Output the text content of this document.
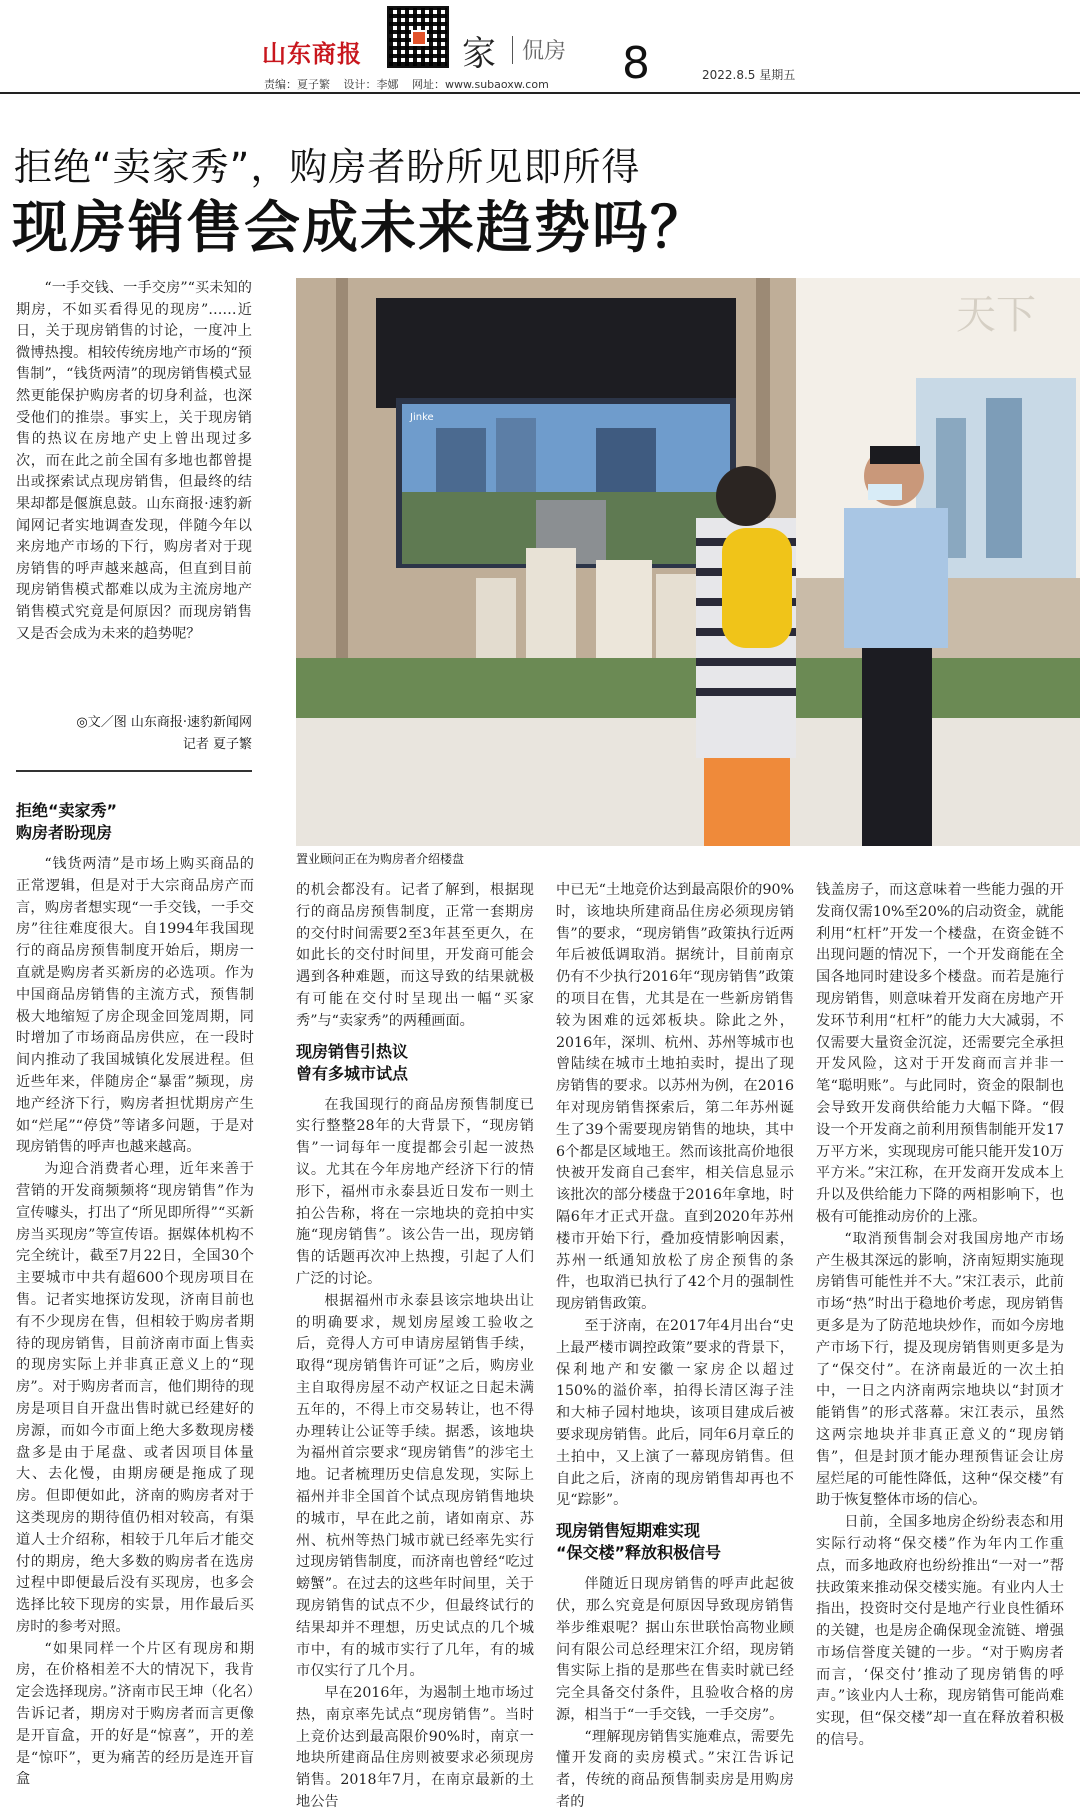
山东商报	家 侃房 8	2022.8.5 星期五
责编：夏子繁 设计：李娜 网址：www.subaoxw.com
拒绝“卖家秀”，购房者盼所见即所得
现房销售会成未来趋势吗？

“一手交钱、一手交房”“买未知的期房，不如买看得见的现房”……近日，关于现房销售的讨论，一度冲上微博热搜。相较传统房地产市场的“预售制”，“钱货两清”的现房销售模式显然更能保护购房者的切身利益，也深受他们的推崇。事实上，关于现房销售的热议在房地产史上曾出现过多次，而在此之前全国有多地也都曾提出或探索试点现房销售，但最终的结果却都是偃旗息鼓。山东商报·速豹新闻网记者实地调查发现，伴随今年以来房地产市场的下行，购房者对于现房销售的呼声越来越高，但直到目前现房销售模式都难以成为主流房地产销售模式究竟是何原因？而现房销售又是否会成为未来的趋势呢？

◎文／图 山东商报·速豹新闻网
记者 夏子繁
天下
Jinke
置业顾问正在为购房者介绍楼盘
拒绝“卖家秀”
购房者盼现房

“钱货两清”是市场上购买商品的正常逻辑，但是对于大宗商品房产而言，购房者想实现“一手交钱，一手交房”往往难度很大。自1994年我国现行的商品房预售制度开始后，期房一直就是购房者买新房的必选项。作为中国商品房销售的主流方式，预售制极大地缩短了房企现金回笼周期，同时增加了市场商品房供应，在一段时间内推动了我国城镇化发展进程。但近些年来，伴随房企“暴雷”频现，房地产经济下行，购房者担忧期房产生如“烂尾”“停贷”等诸多问题，于是对现房销售的呼声也越来越高。

为迎合消费者心理，近年来善于营销的开发商频频将“现房销售”作为宣传噱头，打出了“所见即所得”“买新房当买现房”等宣传语。据媒体机构不完全统计，截至7月22日，全国30个主要城市中共有超600个现房项目在售。记者实地探访发现，济南目前也有不少现房在售，但相较于购房者期待的现房销售，目前济南市面上售卖的现房实际上并非真正意义上的“现房”。对于购房者而言，他们期待的现房是项目自开盘出售时就已经建好的房源，而如今市面上绝大多数现房楼盘多是由于尾盘、或者因项目体量大、去化慢，由期房硬是拖成了现房。但即便如此，济南的购房者对于这类现房的期待值仍相对较高，有渠道人士介绍称，相较于几年后才能交付的期房，绝大多数的购房者在选房过程中即便最后没有买现房，也多会选择比较下现房的实景，用作最后买房时的参考对照。

“如果同样一个片区有现房和期房，在价格相差不大的情况下，我肯定会选择现房。”济南市民王坤（化名）告诉记者，期房对于购房者而言更像是开盲盒，开的好是“惊喜”，开的差是“惊吓”，更为痛苦的经历是连开盲盒

的机会都没有。记者了解到，根据现行的商品房预售制度，正常一套期房的交付时间需要2至3年甚至更久，在如此长的交付时间里，开发商可能会遇到各种难题，而这导致的结果就极有可能在交付时呈现出一幅“买家秀”与“卖家秀”的两種画面。

现房销售引热议
曾有多城市试点

在我国现行的商品房预售制度已实行整整28年的大背景下，“现房销售”一词每年一度提都会引起一波热议。尤其在今年房地产经济下行的情形下，福州市永泰县近日发布一则土拍公告称，将在一宗地块的竞拍中实施“现房销售”。该公告一出，现房销售的话题再次冲上热搜，引起了人们广泛的讨论。

根据福州市永泰县该宗地块出让的明确要求，规划房屋竣工验收之后，竞得人方可申请房屋销售手续，取得“现房销售许可证”之后，购房业主自取得房屋不动产权证之日起未满五年的，不得上市交易转让，也不得办理转让公证等手续。据悉，该地块为福州首宗要求“现房销售”的涉宅土地。记者梳理历史信息发现，实际上福州并非全国首个试点现房销售地块的城市，早在此之前，诸如南京、苏州、杭州等热门城市就已经率先实行过现房销售制度，而济南也曾经“吃过螃蟹”。在过去的这些年时间里，关于现房销售的试点不少，但最终试行的结果却并不理想，历史试点的几个城市中，有的城市实行了几年，有的城市仅实行了几个月。

早在2016年，为遏制土地市场过热，南京率先试点“现房销售”。当时上竞价达到最高限价90%时，南京一地块所建商品住房则被要求必须现房销售。2018年7月，在南京最新的土地公告

中已无“土地竞价达到最高限价的90%时，该地块所建商品住房必须现房销售”的要求，“现房销售”政策执行近两年后被低调取消。据统计，目前南京仍有不少执行2016年“现房销售”政策的项目在售，尤其是在一些新房销售较为困难的远郊板块。除此之外，2016年，深圳、杭州、苏州等城市也曾陆续在城市土地拍卖时，提出了现房销售的要求。以苏州为例，在2016年对现房销售探索后，第二年苏州诞生了39个需要现房销售的地块，其中6个都是区域地王。然而该批高价地很快被开发商自己套牢，相关信息显示该批次的部分楼盘于2016年拿地，时隔6年才正式开盘。直到2020年苏州楼市开始下行，叠加疫情影响因素，苏州一纸通知放松了房企预售的条件，也取消已执行了42个月的强制性现房销售政策。

至于济南，在2017年4月出台“史上最严楼市调控政策”要求的背景下，保利地产和安徽一家房企以超过150%的溢价率，拍得长清区海子洼和大柿子园村地块，该项目建成后被要求现房销售。此后，同年6月章丘的土拍中，又上演了一幕现房销售。但自此之后，济南的现房销售却再也不见“踪影”。

现房销售短期难实现
“保交楼”释放积极信号

伴随近日现房销售的呼声此起彼伏，那么究竟是何原因导致现房销售举步维艰呢？据山东世联怡高物业顾问有限公司总经理宋江介绍，现房销售实际上指的是那些在售卖时就已经完全具备交付条件，且验收合格的房源，相当于“一手交钱，一手交房”。

“理解现房销售实施难点，需要先懂开发商的卖房模式。”宋江告诉记者，传统的商品预售制卖房是用购房者的

钱盖房子，而这意味着一些能力强的开发商仅需10%至20%的启动资金，就能利用“杠杆”开发一个楼盘，在资金链不出现问题的情况下，一个开发商能在全国各地同时建设多个楼盘。而若是施行现房销售，则意味着开发商在房地产开发环节利用“杠杆”的能力大大减弱，不仅需要大量资金沉淀，还需要完全承担开发风险，这对于开发商而言并非一笔“聪明账”。与此同时，资金的限制也会导致开发商供给能力大幅下降。“假设一个开发商之前利用预售制能开发17万平方米，实现现房可能只能开发10万平方米。”宋江称，在开发商开发成本上升以及供给能力下降的两相影响下，也极有可能推动房价的上涨。

“取消预售制会对我国房地产市场产生极其深远的影响，济南短期实施现房销售可能性并不大。”宋江表示，此前市场“热”时出于稳地价考虑，现房销售更多是为了防范地块炒作，而如今房地产市场下行，提及现房销售则更多是为了“保交付”。在济南最近的一次土拍中，一日之内济南两宗地块以“封顶才能销售”的形式落幕。宋江表示，虽然这两宗地块并非真正意义的“现房销售”，但是封顶才能办理预售证会让房屋烂尾的可能性降低，这种“保交楼”有助于恢复整体市场的信心。

日前，全国多地房企纷纷表态和用实际行动将“保交楼”作为年内工作重点，而多地政府也纷纷推出“一对一”帮扶政策来推动保交楼实施。有业内人士指出，投资时交付是地产行业良性循环的关键，也是房企确保现金流链、增强市场信誉度关键的一步。“对于购房者而言，‘保交付’推动了现房销售的呼声。”该业内人士称，现房销售可能尚难实现，但“保交楼”却一直在释放着积极的信号。
